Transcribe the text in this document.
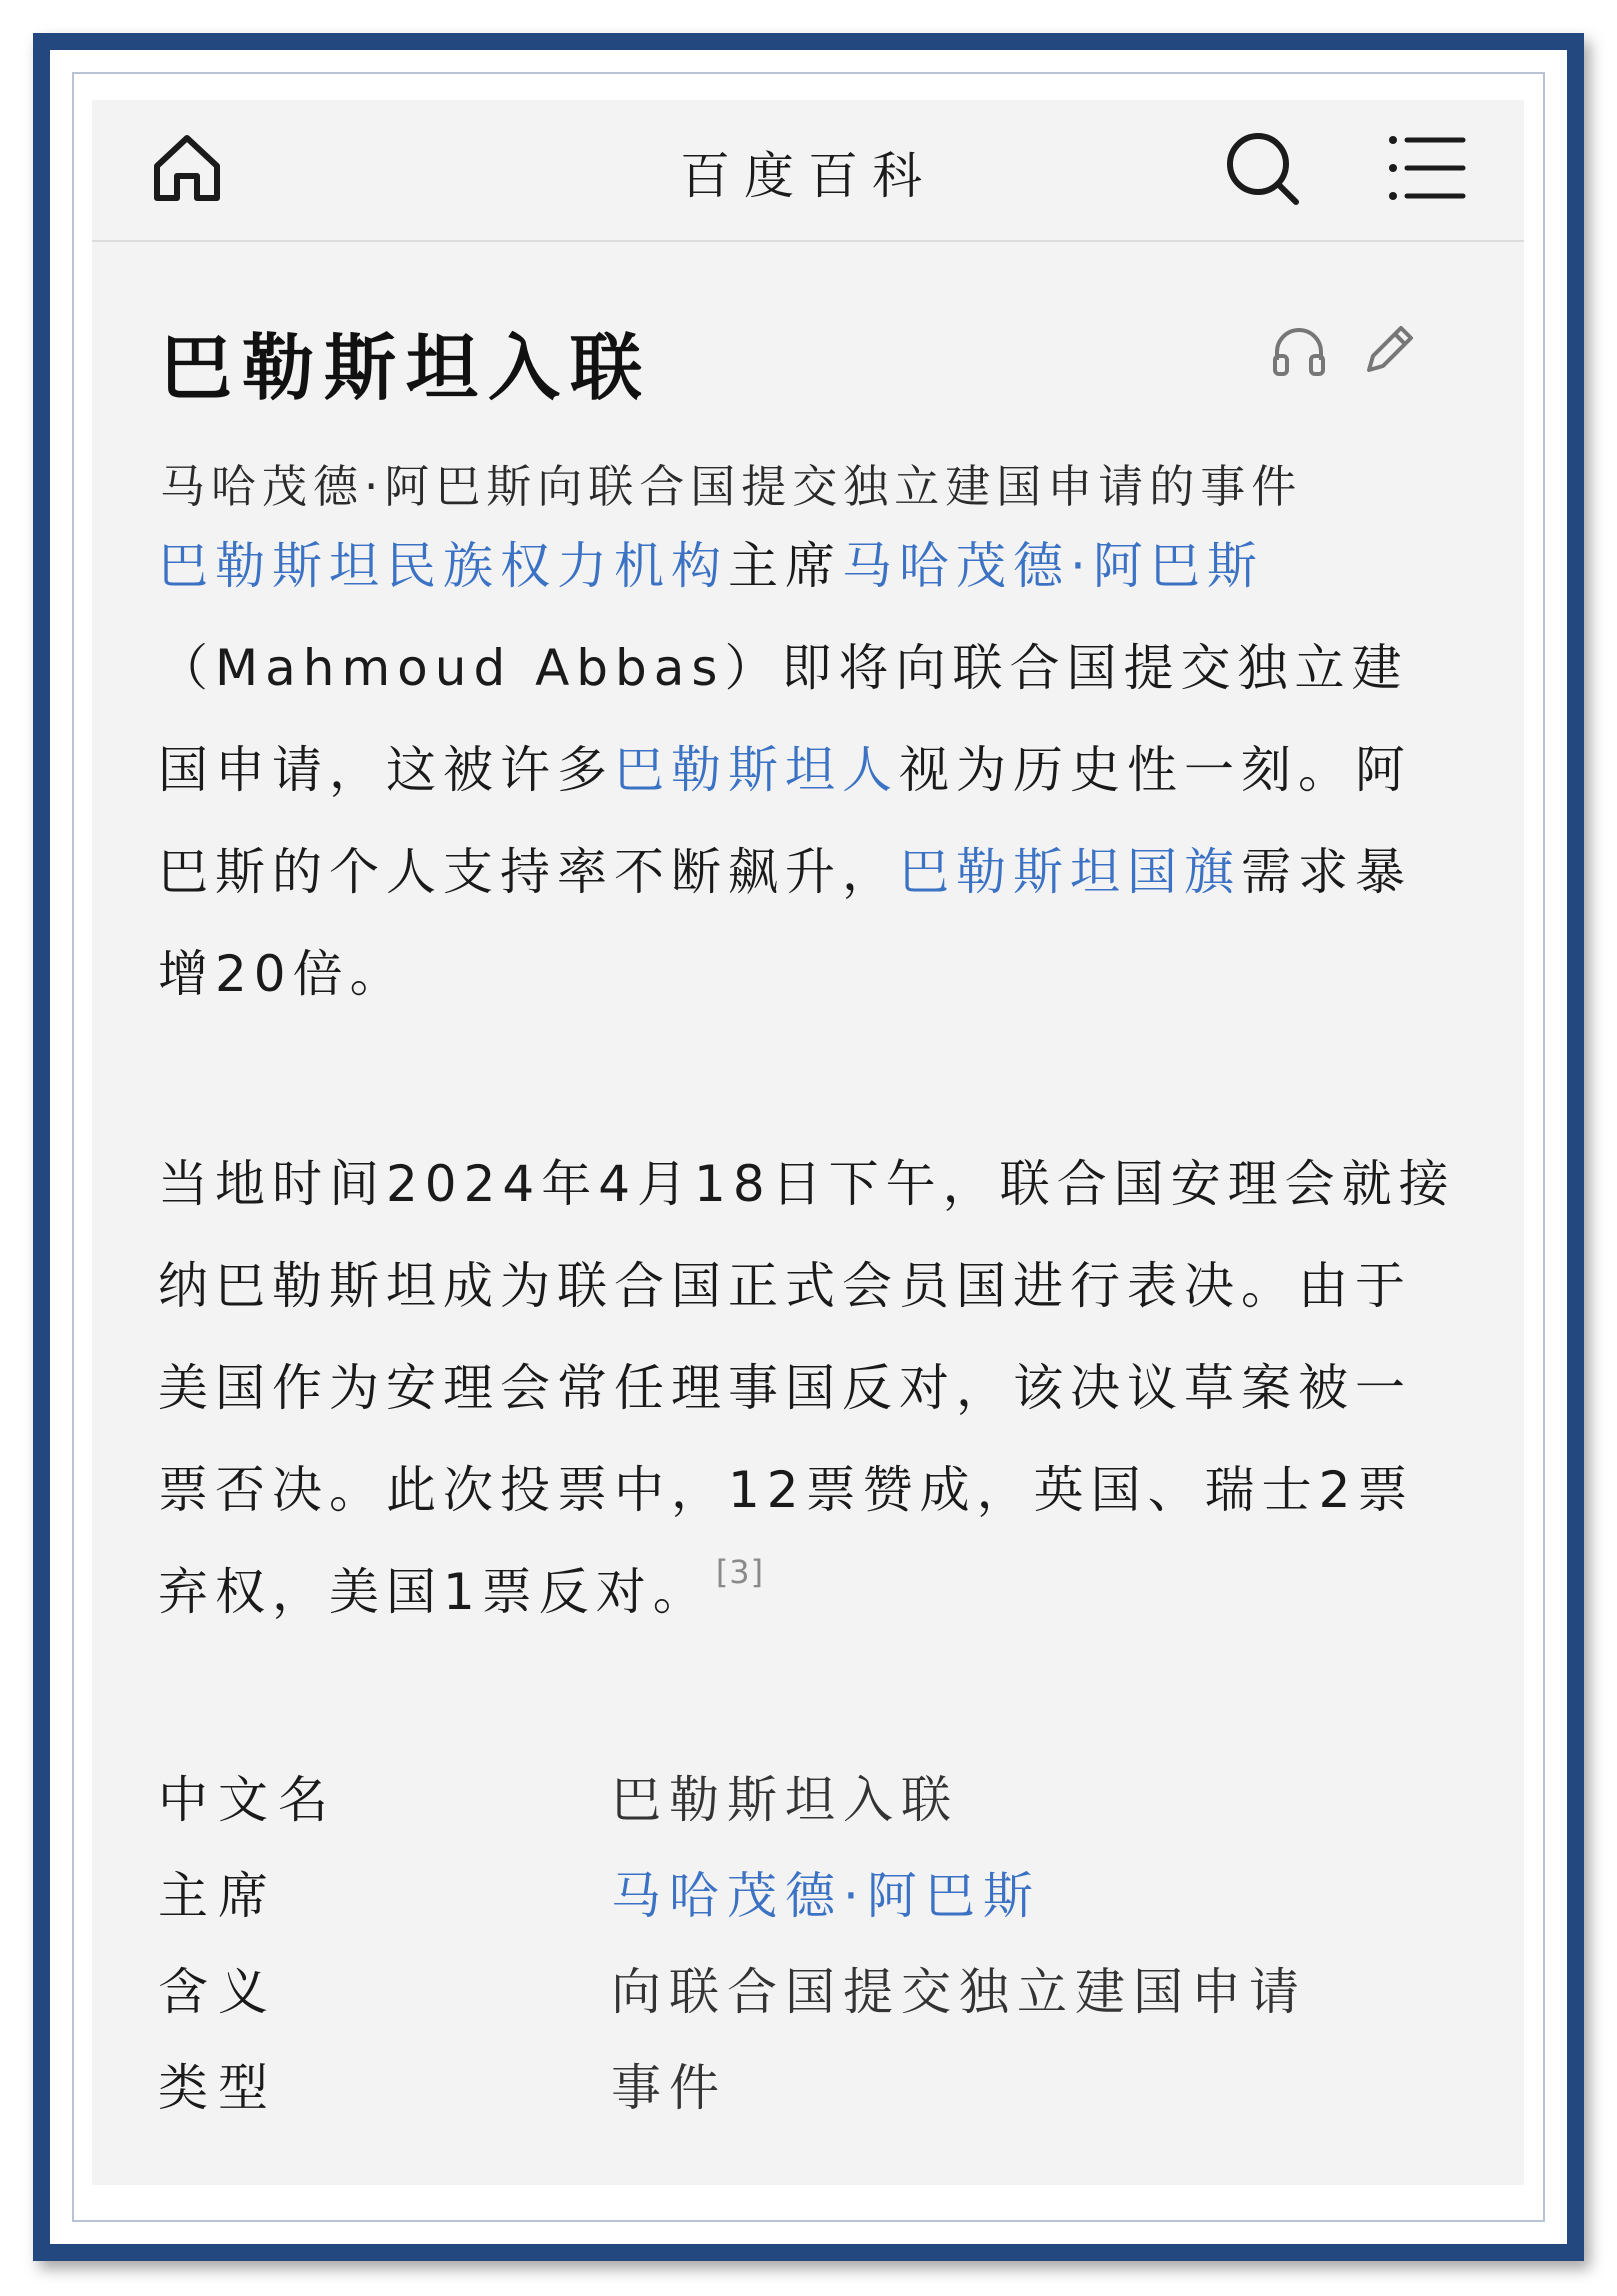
百度百科
巴勒斯坦入联
马哈茂德·阿巴斯向联合国提交独立建国申请的事件

巴勒斯坦民族权力机构主席马哈茂德·阿巴斯（Mahmoud Abbas）即将向联合国提交独立建国申请，这被许多巴勒斯坦人视为历史性一刻。阿巴斯的个人支持率不断飙升，巴勒斯坦国旗需求暴增20倍。

当地时间2024年4月18日下午，联合国安理会就接纳巴勒斯坦成为联合国正式会员国进行表决。由于美国作为安理会常任理事国反对，该决议草案被一票否决。此次投票中，12票赞成，英国、瑞士2票弃权，美国1票反对。 [3]

中文名	巴勒斯坦入联
主席	马哈茂德·阿巴斯
含义	向联合国提交独立建国申请
类型	事件
